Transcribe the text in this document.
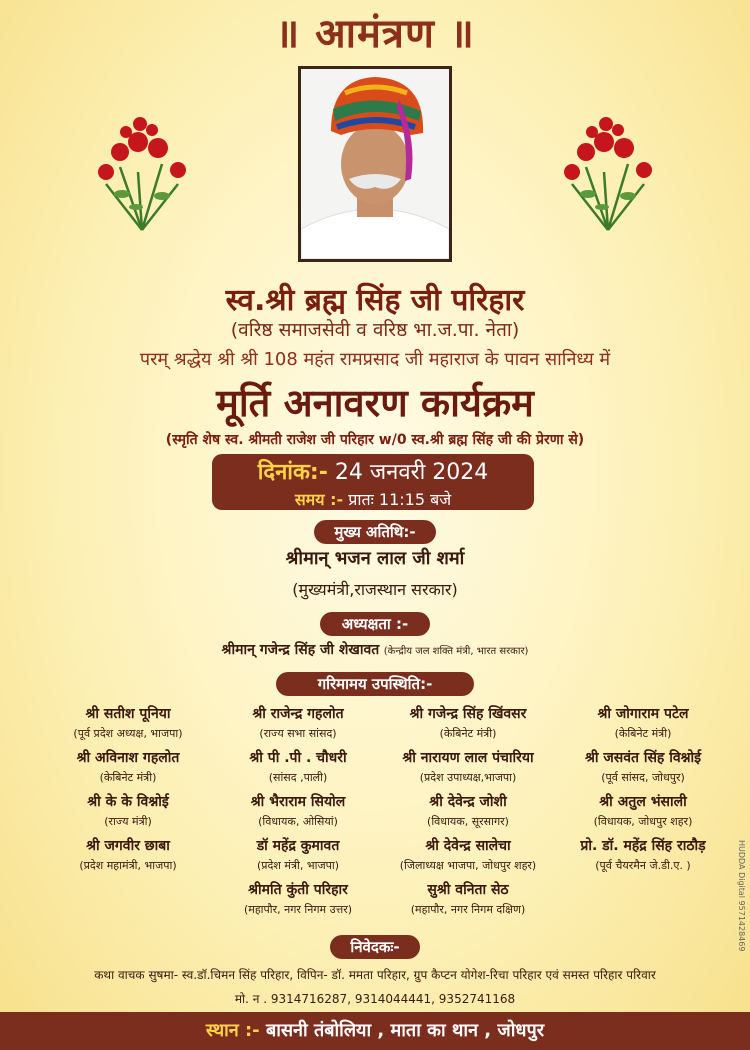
॥ आमंत्रण ॥
स्व.श्री ब्रह्म सिंह जी परिहार
(वरिष्ठ समाजसेवी व वरिष्ठ भा.ज.पा. नेता)
परम् श्रद्धेय श्री श्री 108 महंत रामप्रसाद जी महाराज के पावन सानिध्य में
मूर्ति अनावरण कार्यक्रम
(स्मृति शेष स्व. श्रीमती राजेश जी परिहार w/0 स्व.श्री ब्रह्म सिंह जी की प्रेरणा से)
दिनांक:- 24 जनवरी 2024
समय :- प्रातः 11:15 बजे
मुख्य अतिथि:-
श्रीमान् भजन लाल जी शर्मा
(मुख्यमंत्री,राजस्थान सरकार)
अध्यक्षता :-
श्रीमान् गजेन्द्र सिंह जी शेखावत (केन्द्रीय जल शक्ति मंत्री, भारत सरकार)
गरिमामय उपस्थिति:-
श्री सतीश पूनिया
(पूर्व प्रदेश अध्यक्ष, भाजपा)
श्री अविनाश गहलोत
(केबिनेट मंत्री)
श्री के के विश्नोई
(राज्य मंत्री)
श्री जगवीर छाबा
(प्रदेश महामंत्री, भाजपा)
श्री राजेन्द्र गहलोत
(राज्य सभा सांसद)
श्री पी .पी . चौधरी
(सांसद ,पाली)
श्री भैराराम सियोल
(विधायक, ओसियां)
डॉ महेंद्र कुमावत
(प्रदेश मंत्री, भाजपा)
श्रीमति कुंती परिहार
(महापौर, नगर निगम उत्तर)
श्री गजेन्द्र सिंह खिंवसर
(केबिनेट मंत्री)
श्री नारायण लाल पंचारिया
(प्रदेश उपाध्यक्ष,भाजपा)
श्री देवेन्द्र जोशी
(विधायक, सूरसागर)
श्री देवेन्द्र सालेचा
(जिलाध्यक्ष भाजपा, जोधपुर शहर)
सुश्री वनिता सेठ
(महापौर, नगर निगम दक्षिण)
श्री जोगाराम पटेल
(केबिनेट मंत्री)
श्री जसवंत सिंह विश्नोई
(पूर्व सांसद, जोधपुर)
श्री अतुल भंसाली
(विधायक, जोधपुर शहर)
प्रो. डॉ. महेंद्र सिंह राठौड़
(पूर्व चैयरमैन जे.डी.ए. )
निवेदकः-
कथा वाचक सुषमा- स्व.डॉ.चिमन सिंह परिहार, विपिन- डॉ. ममता परिहार, ग्रुप कैप्टन योगेश-रिचा परिहार एवं समस्त परिहार परिवार
मो. न . 9314716287, 9314044441, 9352741168
स्थान :- बासनी तंबोलिया , माता का थान , जोधपुर
HUDDA Digital 9571428469
